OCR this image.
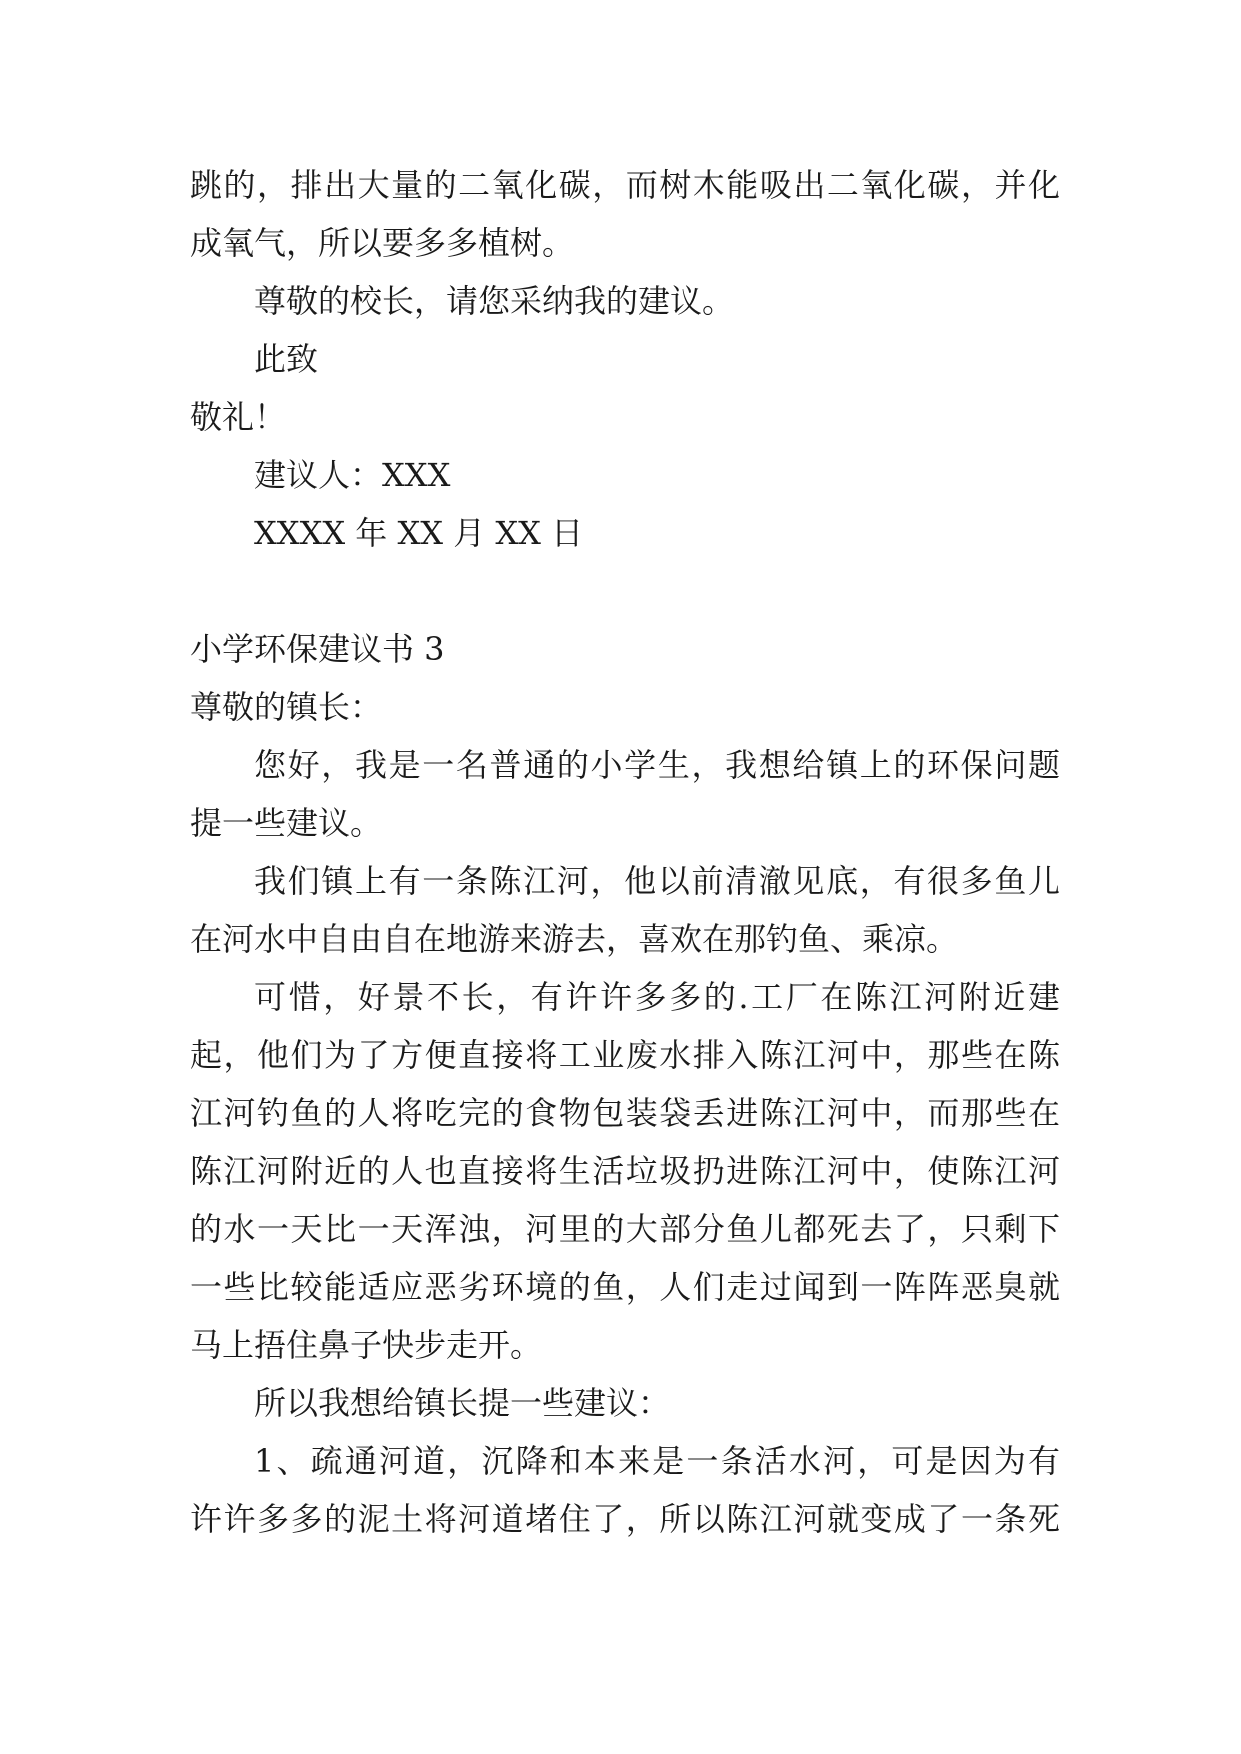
跳的，排出大量的二氧化碳，而树木能吸出二氧化碳，并化
成氧气，所以要多多植树。
尊敬的校长，请您采纳我的建议。
此致
敬礼！
建议人：XXX
XXXX 年 XX 月 XX 日
小学环保建议书 3
尊敬的镇长：
您好，我是一名普通的小学生，我想给镇上的环保问题
提一些建议。
我们镇上有一条陈江河，他以前清澈见底，有很多鱼儿
在河水中自由自在地游来游去，喜欢在那钓鱼、乘凉。
可惜，好景不长，有许许多多的.工厂在陈江河附近建
起，他们为了方便直接将工业废水排入陈江河中，那些在陈
江河钓鱼的人将吃完的食物包装袋丢进陈江河中，而那些在
陈江河附近的人也直接将生活垃圾扔进陈江河中，使陈江河
的水一天比一天浑浊，河里的大部分鱼儿都死去了，只剩下
一些比较能适应恶劣环境的鱼，人们走过闻到一阵阵恶臭就
马上捂住鼻子快步走开。
所以我想给镇长提一些建议：
1、疏通河道，沉降和本来是一条活水河，可是因为有
许许多多的泥土将河道堵住了，所以陈江河就变成了一条死
